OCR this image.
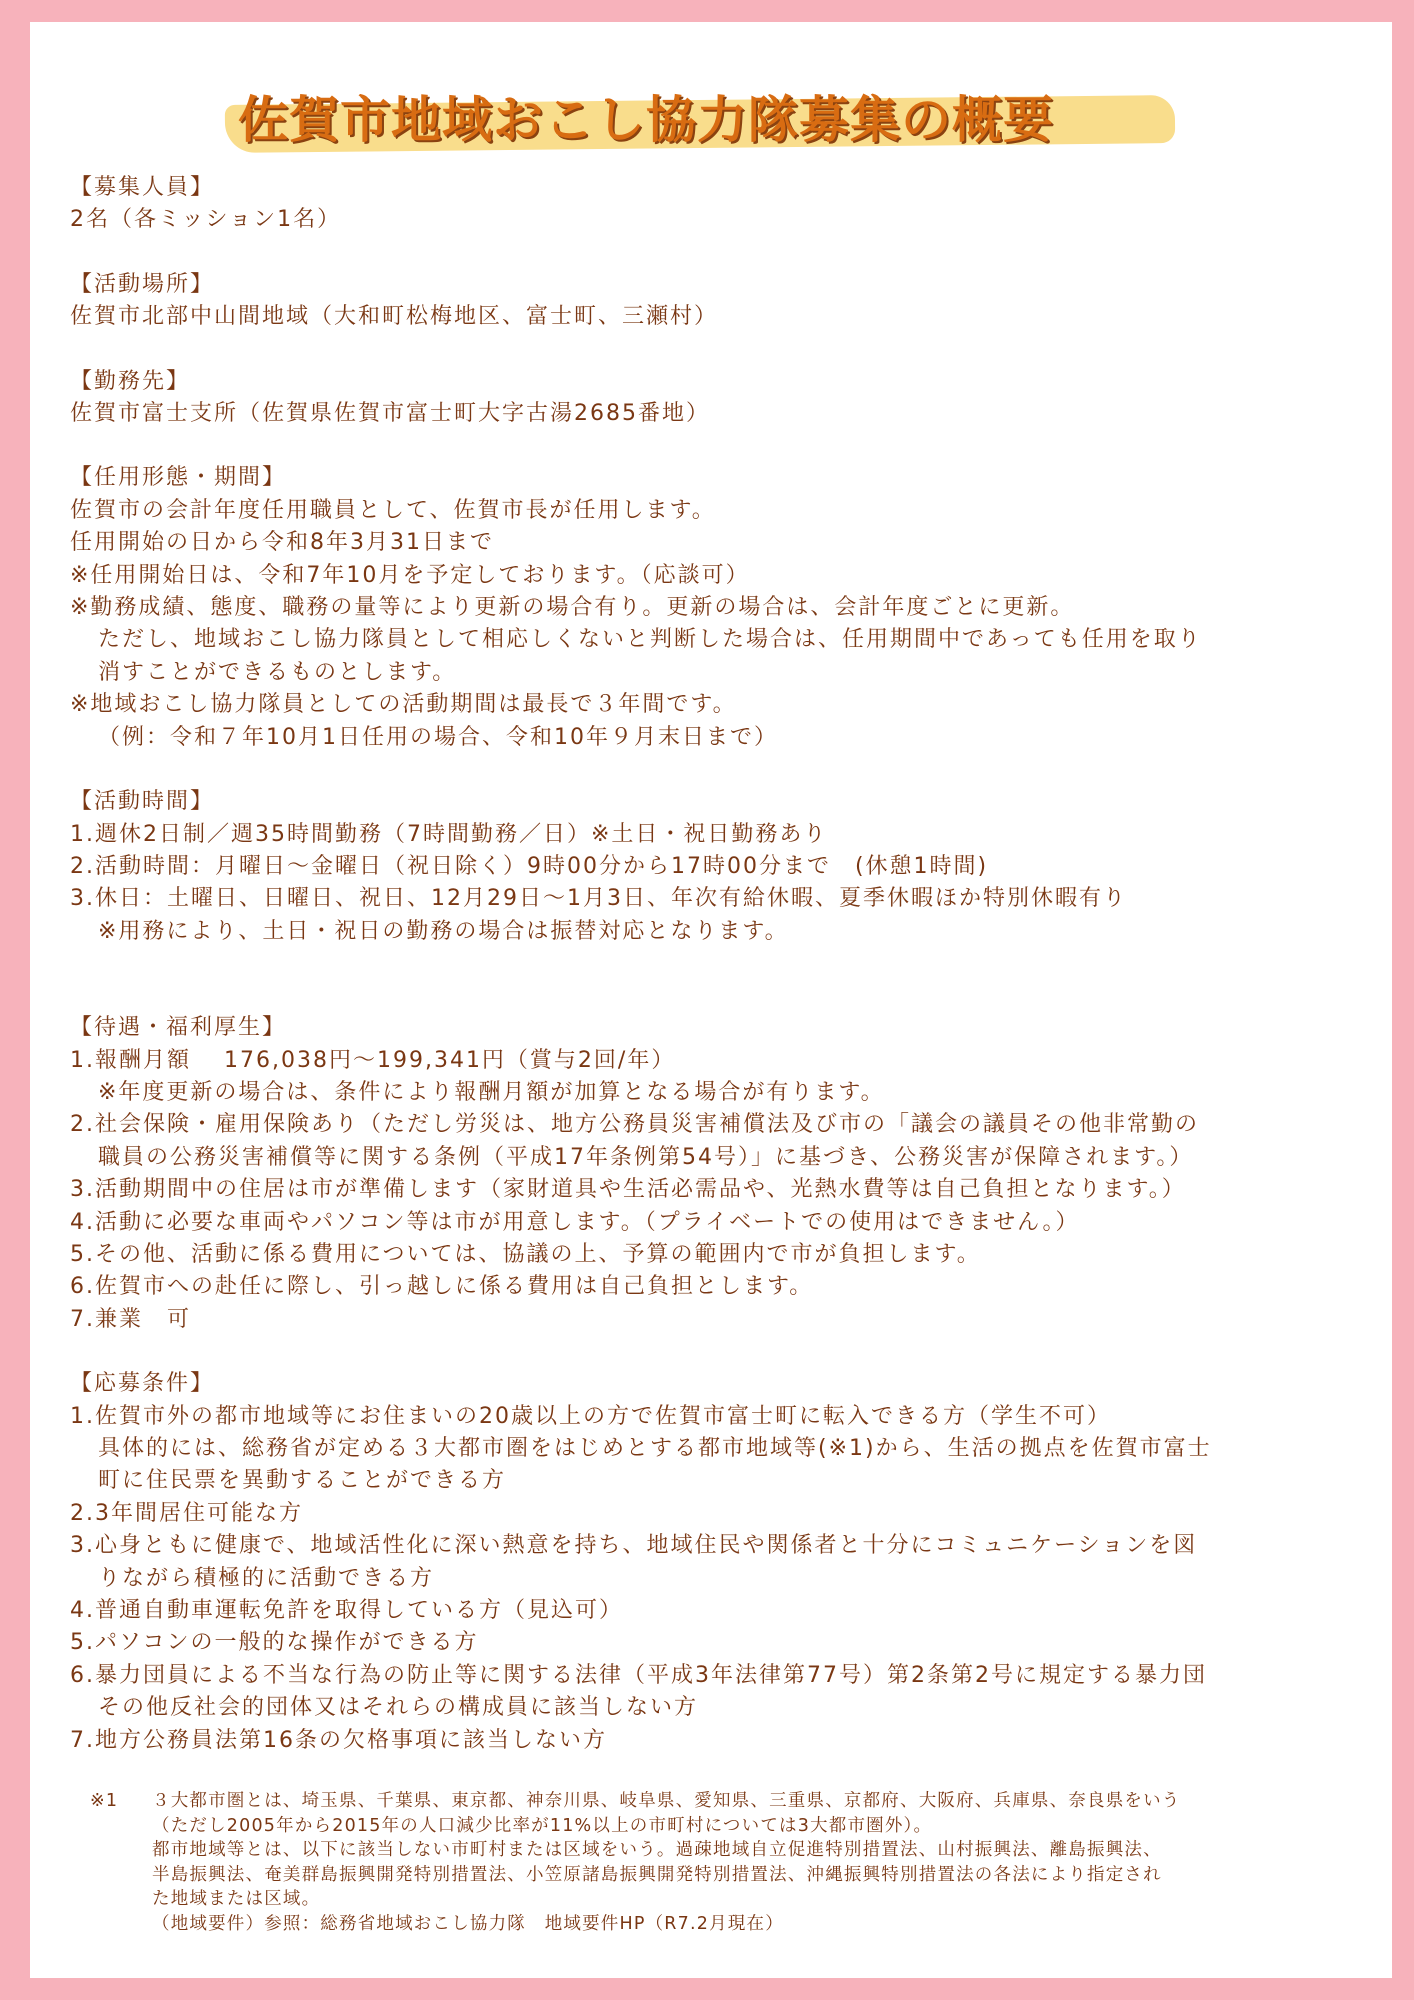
佐賀市地域おこし協力隊募集の概要
【募集人員】
2名（各ミッション1名）
【活動場所】
佐賀市北部中山間地域（大和町松梅地区、富士町、三瀬村）
【勤務先】
佐賀市富士支所（佐賀県佐賀市富士町大字古湯2685番地）
【任用形態・期間】
佐賀市の会計年度任用職員として、佐賀市長が任用します。
任用開始の日から令和8年3月31日まで
※任用開始日は、令和7年10月を予定しております。（応談可）
※勤務成績、態度、職務の量等により更新の場合有り。更新の場合は、会計年度ごとに更新。
ただし、地域おこし協力隊員として相応しくないと判断した場合は、任用期間中であっても任用を取り
消すことができるものとします。
※地域おこし協力隊員としての活動期間は最長で３年間です。
（例：令和７年10月1日任用の場合、令和10年９月末日まで）
【活動時間】
1.週休2日制／週35時間勤務（7時間勤務／日）※土日・祝日勤務あり
2.活動時間：月曜日～金曜日（祝日除く）9時00分から17時00分まで　(休憩1時間)
3.休日：土曜日、日曜日、祝日、12月29日～1月3日、年次有給休暇、夏季休暇ほか特別休暇有り
※用務により、土日・祝日の勤務の場合は振替対応となります。
【待遇・福利厚生】
1.報酬月額　 176,038円～199,341円（賞与2回/年）
※年度更新の場合は、条件により報酬月額が加算となる場合が有ります。
2.社会保険・雇用保険あり（ただし労災は、地方公務員災害補償法及び市の「議会の議員その他非常勤の
職員の公務災害補償等に関する条例（平成17年条例第54号）」に基づき、公務災害が保障されます。）
3.活動期間中の住居は市が準備します（家財道具や生活必需品や、光熱水費等は自己負担となります。）
4.活動に必要な車両やパソコン等は市が用意します。（プライベートでの使用はできません。）
5.その他、活動に係る費用については、協議の上、予算の範囲内で市が負担します。
6.佐賀市への赴任に際し、引っ越しに係る費用は自己負担とします。
7.兼業　可
【応募条件】
1.佐賀市外の都市地域等にお住まいの20歳以上の方で佐賀市富士町に転入できる方（学生不可）
具体的には、総務省が定める３大都市圏をはじめとする都市地域等(※1)から、生活の拠点を佐賀市富士
町に住民票を異動することができる方
2.3年間居住可能な方
3.心身ともに健康で、地域活性化に深い熱意を持ち、地域住民や関係者と十分にコミュニケーションを図
りながら積極的に活動できる方
4.普通自動車運転免許を取得している方（見込可）
5.パソコンの一般的な操作ができる方
6.暴力団員による不当な行為の防止等に関する法律（平成3年法律第77号）第2条第2号に規定する暴力団
その他反社会的団体又はそれらの構成員に該当しない方
7.地方公務員法第16条の欠格事項に該当しない方
※1	３大都市圏とは、埼玉県、千葉県、東京都、神奈川県、岐阜県、愛知県、三重県、京都府、大阪府、兵庫県、奈良県をいう
（ただし2005年から2015年の人口減少比率が11%以上の市町村については3大都市圏外）。
都市地域等とは、以下に該当しない市町村または区域をいう。過疎地域自立促進特別措置法、山村振興法、離島振興法、
半島振興法、奄美群島振興開発特別措置法、小笠原諸島振興開発特別措置法、沖縄振興特別措置法の各法により指定され
た地域または区域。
（地域要件）参照：総務省地域おこし協力隊　地域要件HP（R7.2月現在）
